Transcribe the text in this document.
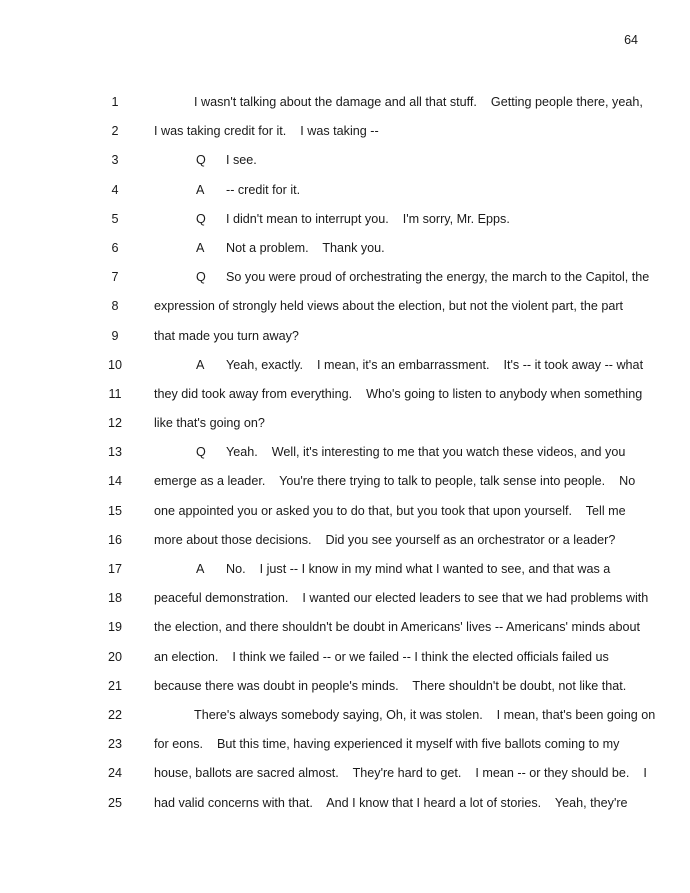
64
1	I wasn't talking about the damage and all that stuff.    Getting people there, yeah,
2	I was taking credit for it.    I was taking --
3	Q I see.
4	A -- credit for it.
5	Q I didn't mean to interrupt you.    I'm sorry, Mr. Epps.
6	A Not a problem.    Thank you.
7	Q So you were proud of orchestrating the energy, the march to the Capitol, the
8	expression of strongly held views about the election, but not the violent part, the part
9	that made you turn away?
10	A Yeah, exactly.    I mean, it's an embarrassment.    It's -- it took away -- what
11	they did took away from everything.    Who's going to listen to anybody when something
12	like that's going on?
13	Q Yeah.    Well, it's interesting to me that you watch these videos, and you
14	emerge as a leader.    You're there trying to talk to people, talk sense into people.    No
15	one appointed you or asked you to do that, but you took that upon yourself.    Tell me
16	more about those decisions.    Did you see yourself as an orchestrator or a leader?
17	A No.    I just -- I know in my mind what I wanted to see, and that was a
18	peaceful demonstration.    I wanted our elected leaders to see that we had problems with
19	the election, and there shouldn't be doubt in Americans' lives -- Americans' minds about
20	an election.    I think we failed -- or we failed -- I think the elected officials failed us
21	because there was doubt in people's minds.    There shouldn't be doubt, not like that.
22	There's always somebody saying, Oh, it was stolen.    I mean, that's been going on
23	for eons.    But this time, having experienced it myself with five ballots coming to my
24	house, ballots are sacred almost.    They're hard to get.    I mean -- or they should be.    I
25	had valid concerns with that.    And I know that I heard a lot of stories.    Yeah, they're
